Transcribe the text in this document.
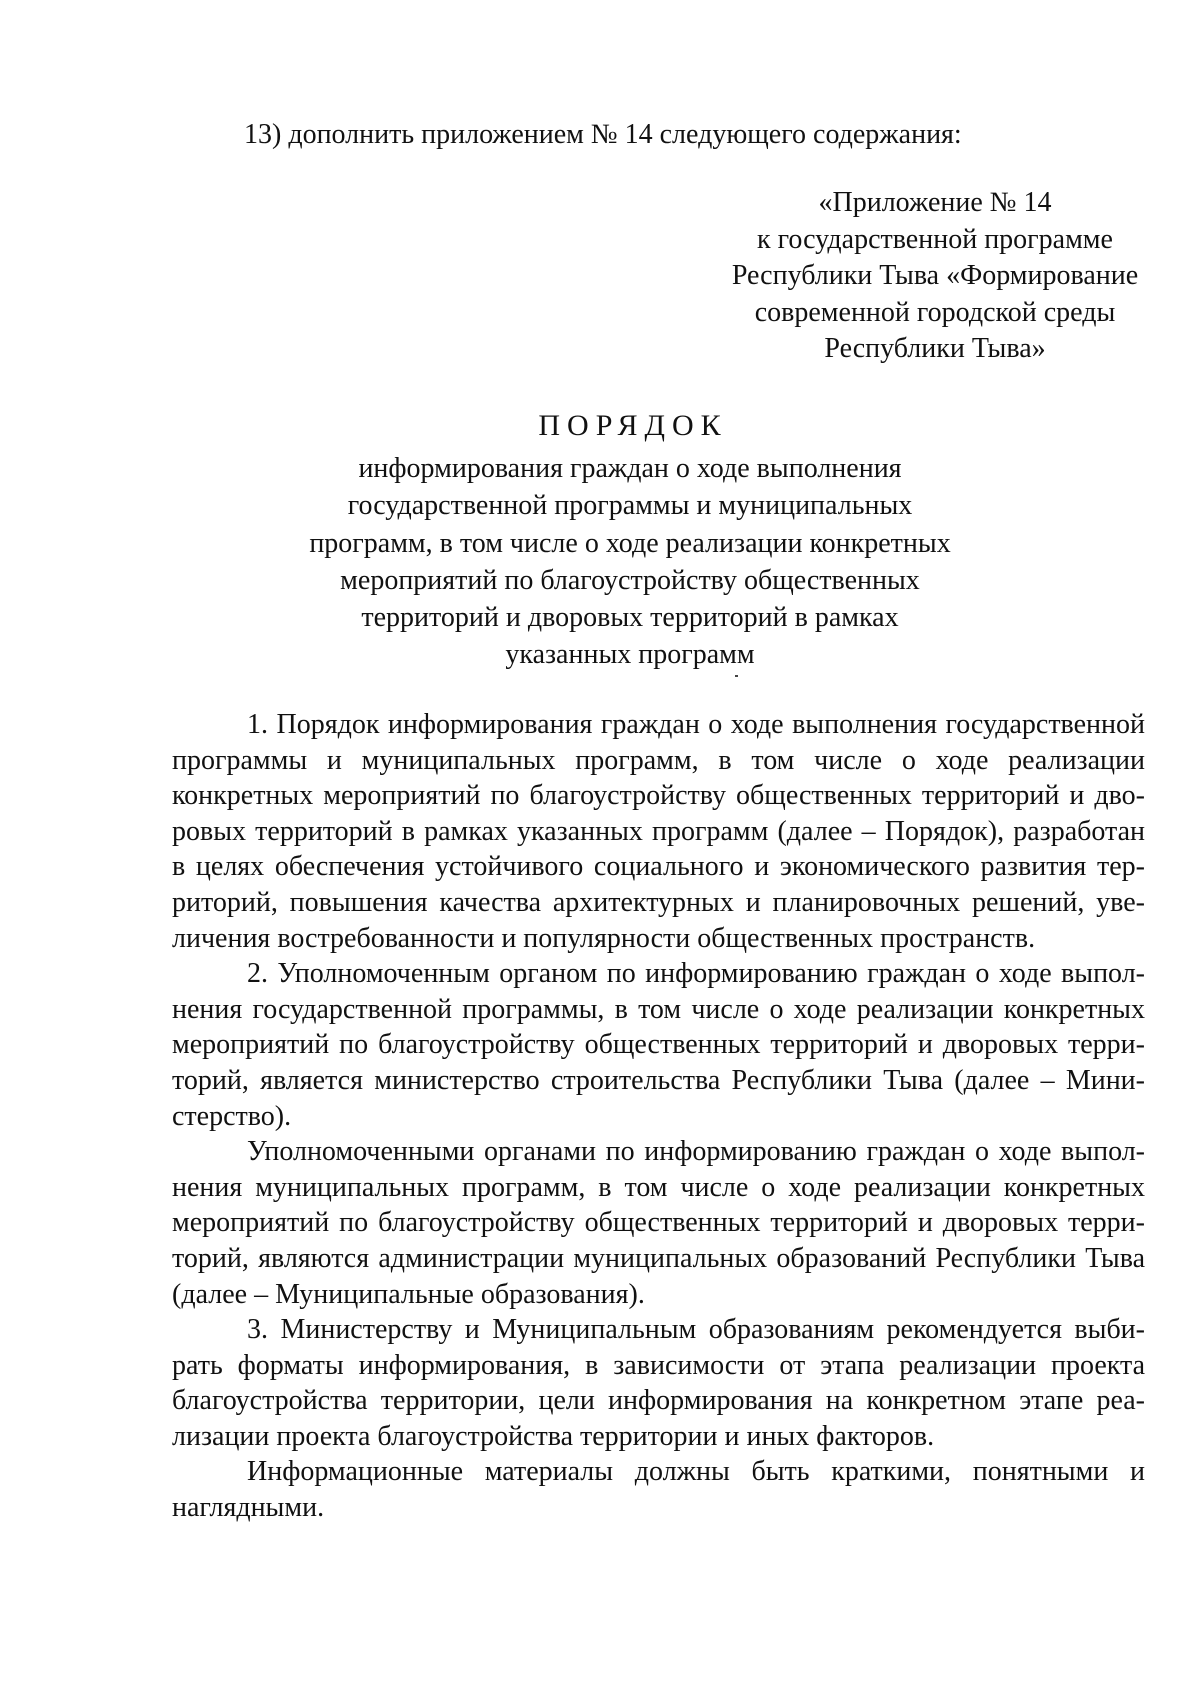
13) дополнить приложением № 14 следующего содержания:
«Приложение № 14
к государственной программе
Республики Тыва «Формирование
современной городской среды
Республики Тыва»
ПОРЯДОК
информирования граждан о ходе выполнения
государственной программы и муниципальных
программ, в том числе о ходе реализации конкретных
мероприятий по благоустройству общественных
территорий и дворовых территорий в рамках
указанных программ

1. Порядок информирования граждан о ходе выполнения государственной программы и муниципальных программ, в том числе о ходе реализации конкретных мероприятий по благоустройству общественных территорий и дворовых территорий в рамках указанных программ (далее – Порядок), разработан в целях обеспечения устойчивого социального и экономического развития территорий, повышения качества архитектурных и планировочных решений, увеличения востребованности и популярности общественных пространств.

2. Уполномоченным органом по информированию граждан о ходе выполнения государственной программы, в том числе о ходе реализации конкретных мероприятий по благоустройству общественных территорий и дворовых территорий, является министерство строительства Республики Тыва (далее – Министерство).

Уполномоченными органами по информированию граждан о ходе выполнения муниципальных программ, в том числе о ходе реализации конкретных мероприятий по благоустройству общественных территорий и дворовых территорий, являются администрации муниципальных образований Республики Тыва (далее – Муниципальные образования).

3. Министерству и Муниципальным образованиям рекомендуется выбирать форматы информирования, в зависимости от этапа реализации проекта благоустройства территории, цели информирования на конкретном этапе реализации проекта благоустройства территории и иных факторов.

Информационные материалы должны быть краткими, понятными и наглядными.
